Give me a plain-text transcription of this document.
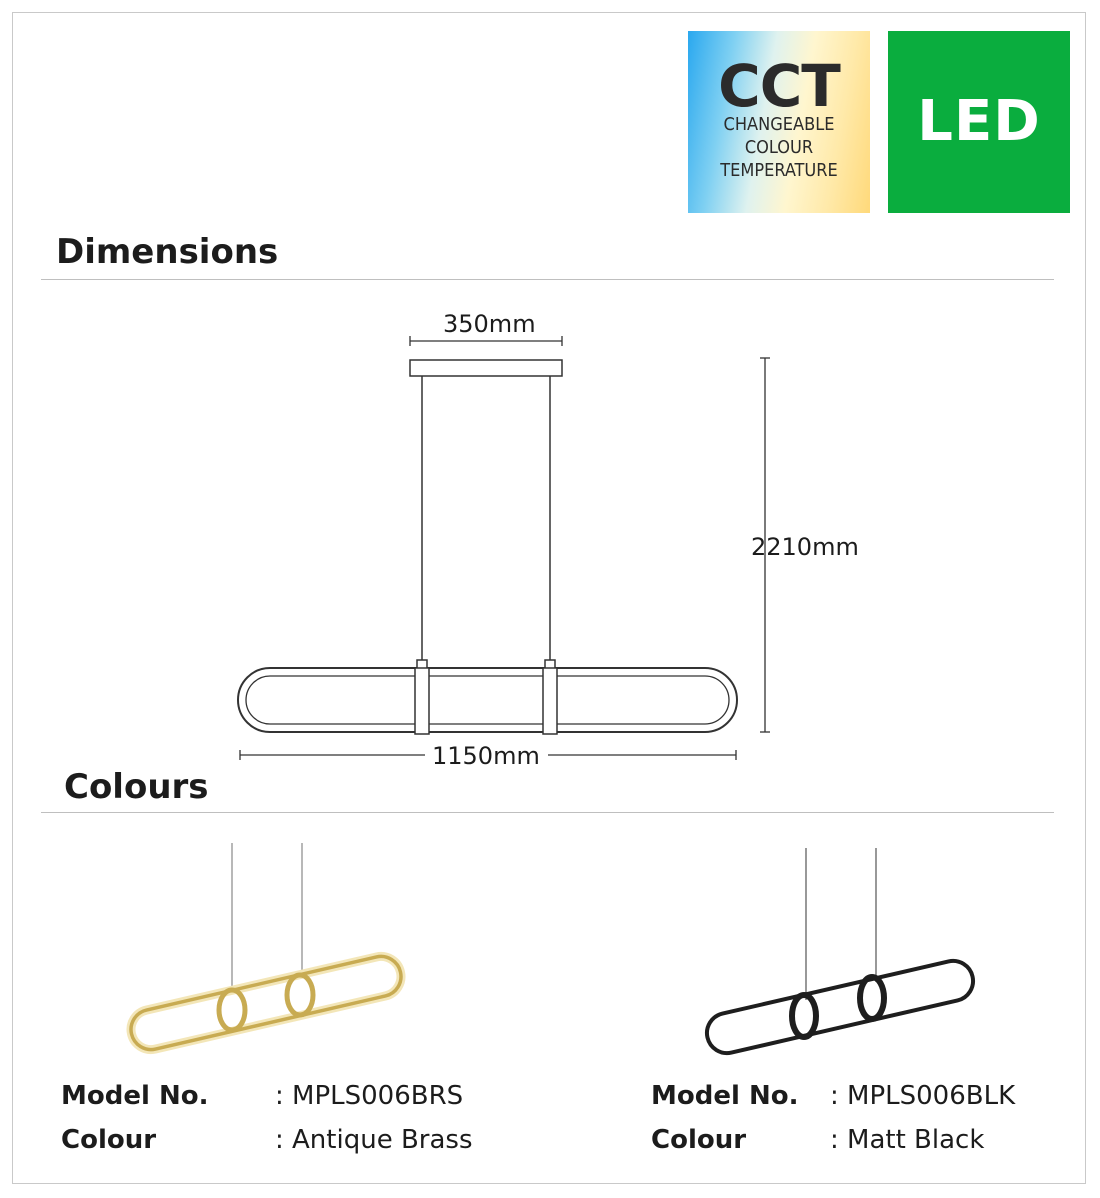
CCT
CHANGEABLE
COLOUR
TEMPERATURE
LED
Dimensions
350mm
2210mm
1150mm
Colours
Model No.	: MPLS006BRS
Colour	: Antique Brass
Model No. : MPLS006BLK
Colour	: Matt Black
